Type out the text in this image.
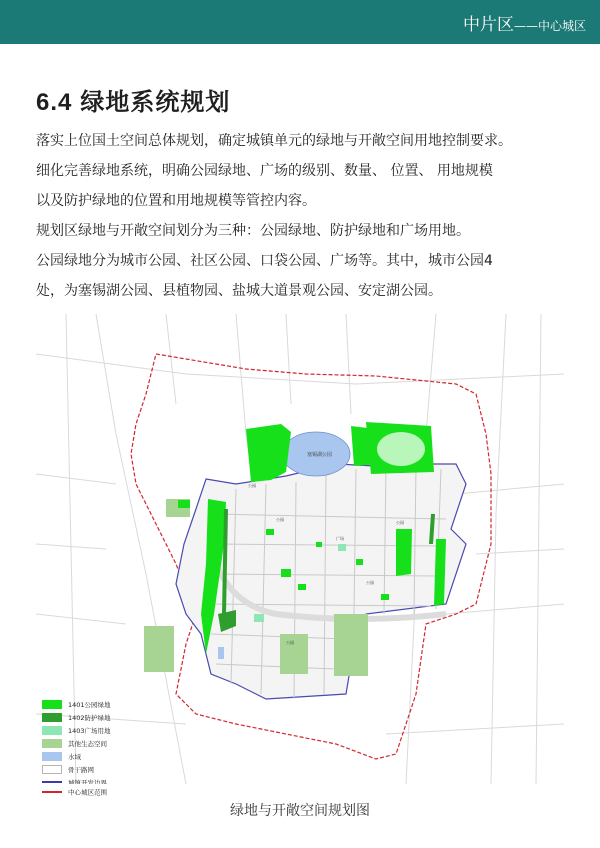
中片区——中心城区
6.4 绿地系统规划

落实上位国土空间总体规划，确定城镇单元的绿地与开敞空间用地控制要求。

细化完善绿地系统，明确公园绿地、广场的级别、数量、 位置、 用地规模

以及防护绿地的位置和用地规模等管控内容。

规划区绿地与开敞空间划分为三种：公园绿地、防护绿地和广场用地。

公园绿地分为城市公园、社区公园、口袋公园、广场等。其中，城市公园4

处，为塞锡湖公园、县植物园、盐城大道景观公园、安定湖公园。

塞锡湖公园
公园
公园
广场
公园
公园
公园
1401公园绿地
1402防护绿地
1403广场用地
其他生态空间
水域
骨干路网
城镇开发边界
中心城区范围
绿地与开敞空间规划图
